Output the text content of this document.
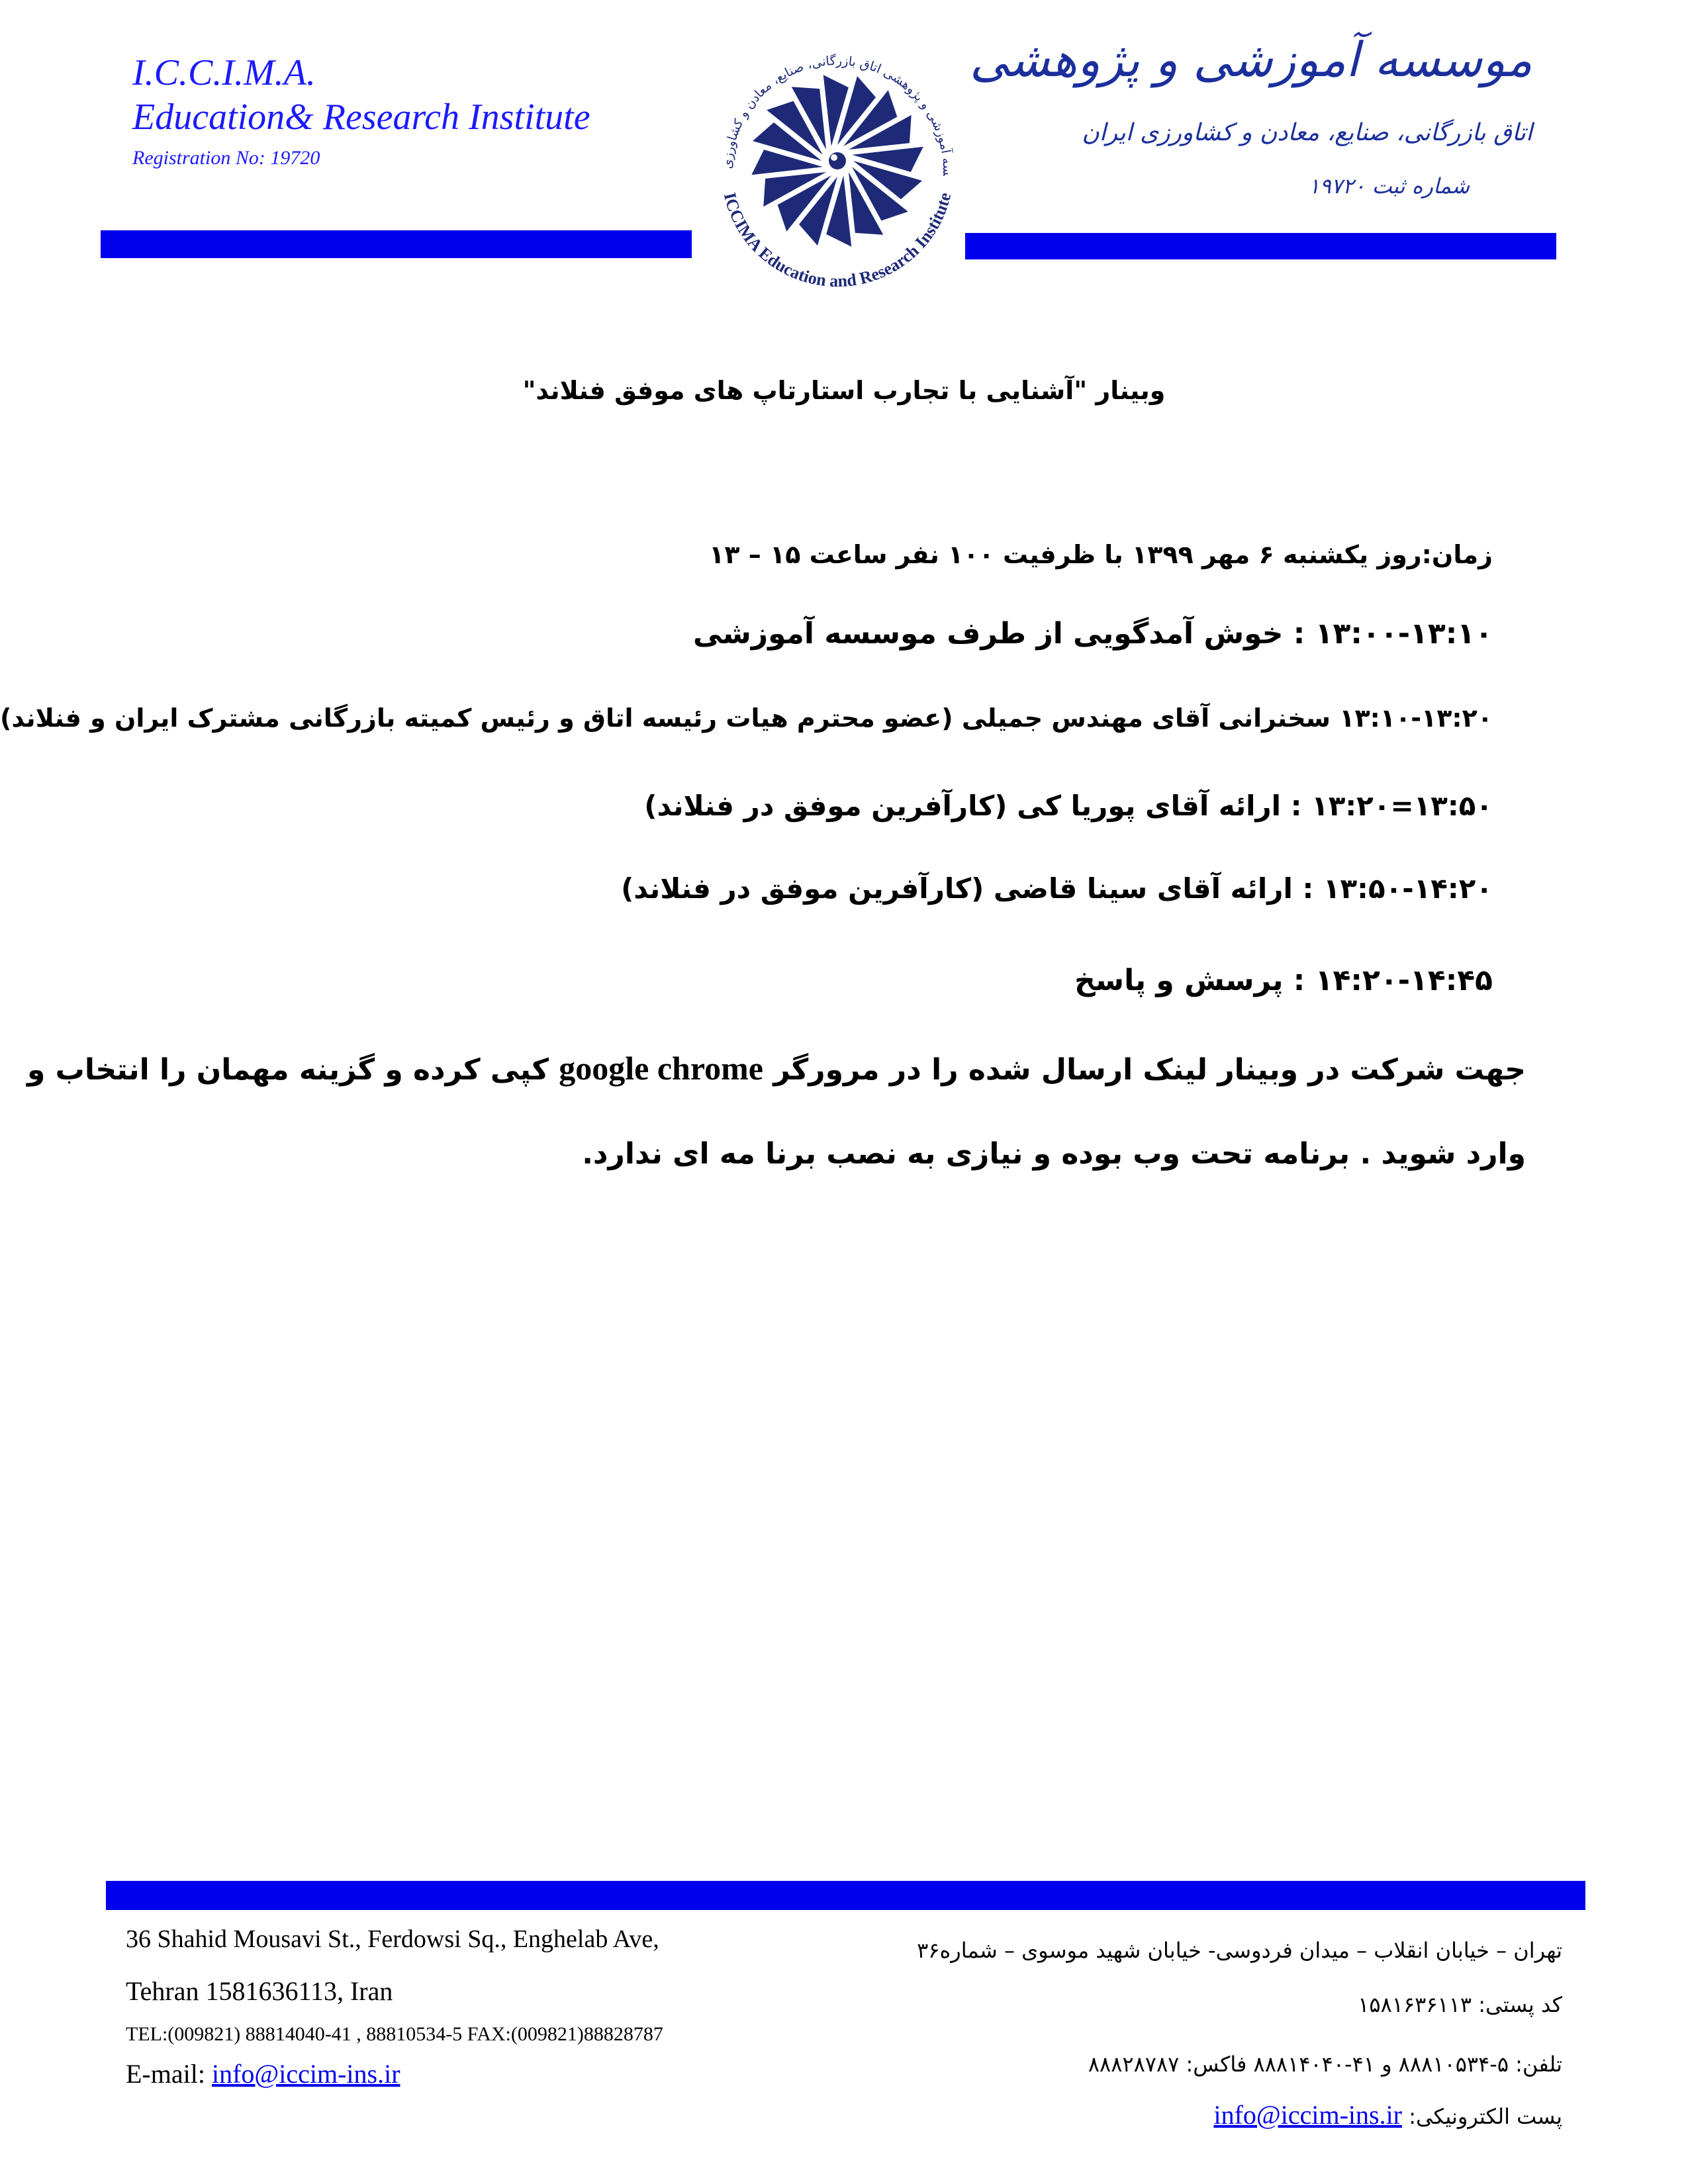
I.C.C.I.M.A.
Education& Research Institute
Registration No: 19720
موسسه آموزشی و پژوهشی
اتاق بازرگانی، صنایع، معادن و کشاورزی ایران
شماره ثبت ۱۹۷۲۰
سه آموزشی و پژوهشی اتاق بازرگانی، صنایع، معادن و کشاورزی
ICCIMA Education and Research Institute
وبینار "آشنایی با تجارب استارتاپ های موفق فنلاند"
زمان:روز یکشنبه ۶ مهر ۱۳۹۹ با ظرفیت ۱۰۰ نفر ساعت ۱۵ – ۱۳
۱۳:۰۰-۱۳:۱۰ : خوش آمدگویی از طرف موسسه آموزشی
۱۳:۱۰-۱۳:۲۰ سخنرانی آقای مهندس جمیلی (عضو محترم هیات رئیسه اتاق و رئیس کمیته بازرگانی مشترک ایران و فنلاند)
۱۳:۵۰=۱۳:۲۰ : ارائه آقای پوریا کی (کارآفرین موفق در فنلاند)
۱۳:۵۰-۱۴:۲۰ : ارائه آقای سینا قاضی (کارآفرین موفق در فنلاند)
۱۴:۲۰-۱۴:۴۵ : پرسش و پاسخ
جهت شرکت در وبینار لینک ارسال شده را در مرورگر google chrome کپی کرده و گزینه مهمان را انتخاب و
وارد شوید . برنامه تحت وب بوده و نیازی به نصب برنا مه ای ندارد.
36 Shahid Mousavi St., Ferdowsi Sq., Enghelab Ave,
Tehran 1581636113, Iran
TEL:(009821) 88814040-41 , 88810534-5 FAX:(009821)88828787
E-mail: info@iccim-ins.ir
تهران – خیابان انقلاب – میدان فردوسی- خیابان شهید موسوی – شماره۳۶
کد پستی: ۱۵۸۱۶۳۶۱۱۳
تلفن: ۵-۸۸۸۱۰۵۳۴ و ۴۱-۸۸۸۱۴۰۴۰ فاکس: ۸۸۸۲۸۷۸۷
پست الکترونیکی: info@iccim-ins.ir
